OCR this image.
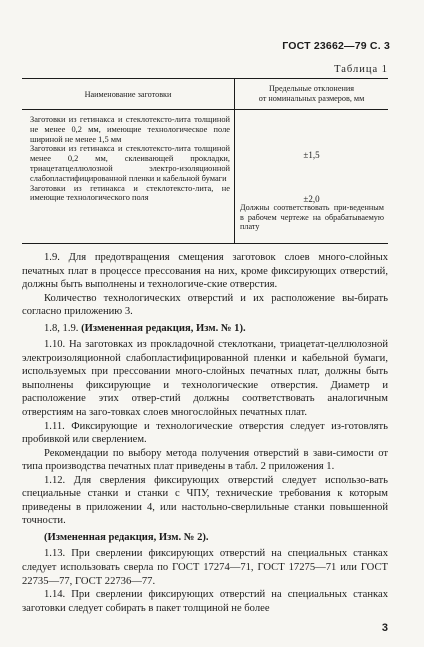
ГОСТ 23662—79 С. 3
Таблица 1
Наименование заготовки
Предельные отклонения
от номинальных размеров, мм
Заготовки из гетинакса и стеклотексто-лита толщиной не менее 0,2 мм, имеющие технологическое поле шириной не менее 1,5 мм
Заготовки из гетинакса и стеклотексто-лита толщиной менее 0,2 мм, склеивающей прокладки, триацетатцеллюлозной электро-изоляционной слабопластифицированной пленки и кабельной бумаги
Заготовки из гетинакса и стеклотексто-лита, не имеющие технологического поля
±1,5
±2,0
Должны соответствовать при-веденным в рабочем чертеже на обрабатываемую плату

1.9. Для предотвращения смещения заготовок слоев много-слойных печатных плат в процессе прессования на них, кроме фиксирующих отверстий, должны быть выполнены и технологиче-ские отверстия.

Количество технологических отверстий и их расположение вы-бирать согласно приложению 3.

1.8, 1.9. (Измененная редакция, Изм. № 1).

1.10. На заготовках из прокладочной стеклоткани, триацетат-целлюлозной электроизоляционной слабопластифицированной пленки и кабельной бумаги, используемых при прессовании много-слойных печатных плат, должны быть выполнены фиксирующие и технологические отверстия. Диаметр и расположение этих отвер-стий должны соответствовать аналогичным отверстиям на заго-товках слоев многослойных печатных плат.

1.11. Фиксирующие и технологические отверстия следует из-готовлять пробивкой или сверлением.

Рекомендации по выбору метода получения отверстий в зави-симости от типа производства печатных плат приведены в табл. 2 приложения 1.

1.12. Для сверления фиксирующих отверстий следует использо-вать специальные станки и станки с ЧПУ, технические требования к которым приведены в приложении 4, или настольно-сверлильные станки повышенной точности.

(Измененная редакция, Изм. № 2).

1.13. При сверлении фиксирующих отверстий на специальных станках следует использовать сверла по ГОСТ 17274—71, ГОСТ 17275—71 или ГОСТ 22735—77, ГОСТ 22736—77.

1.14. При сверлении фиксирующих отверстий на специальных станках заготовки следует собирать в пакет толщиной не более

3
